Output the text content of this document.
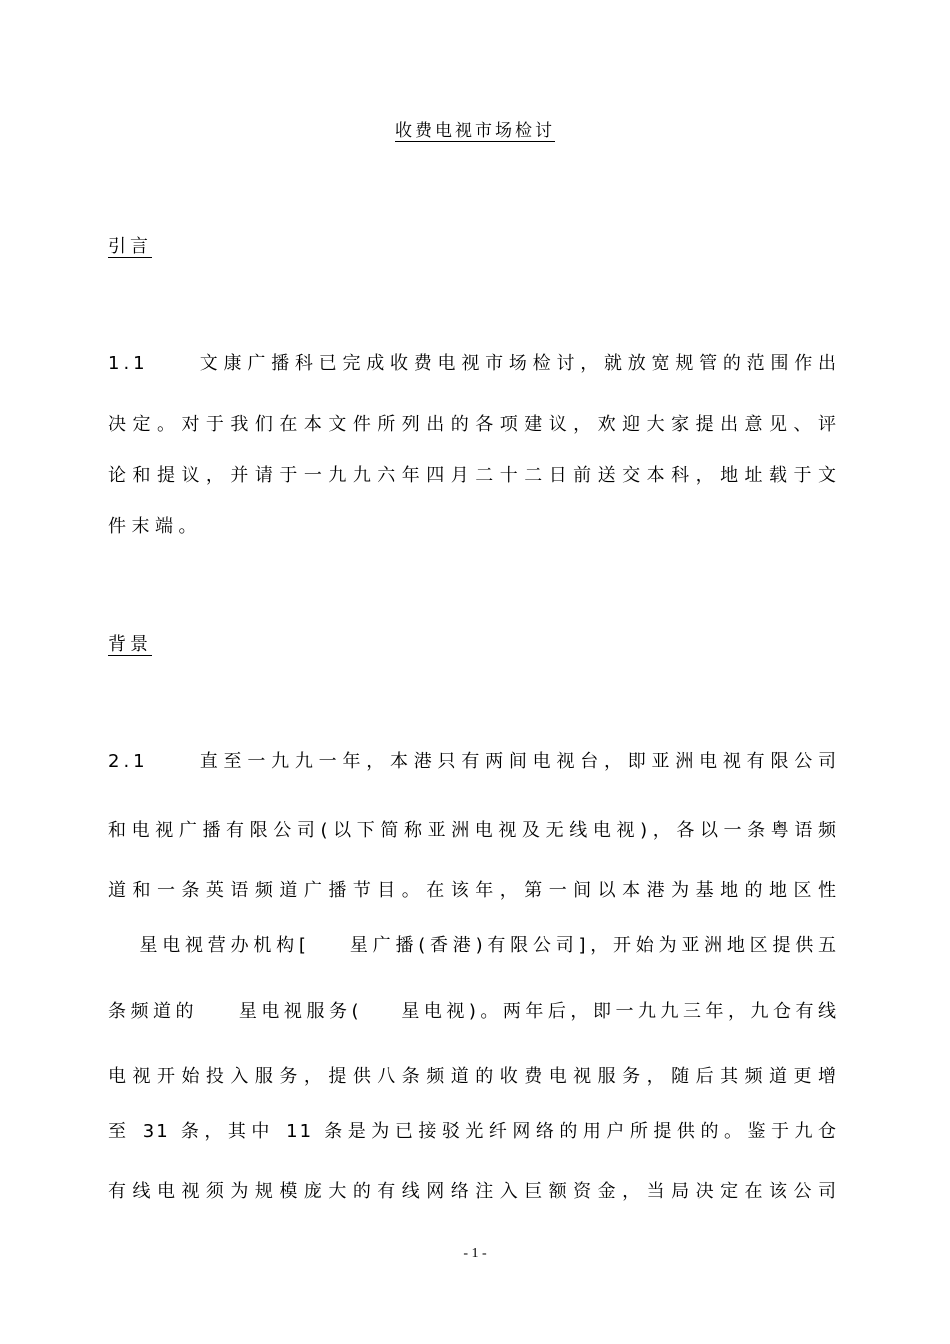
收费电视市场检讨
引言
1.1	文康广播科已完成收费电视市场检讨，就放宽规管的范围作出
决定。对于我们在本文件所列出的各项建议，欢迎大家提出意见、评
论和提议，并请于一九九六年四月二十二日前送交本科，地址载于文
件末端。
背景
2.1	直至一九九一年，本港只有两间电视台，即亚洲电视有限公司
和电视广播有限公司(以下简称亚洲电视及无线电视)，各以一条粤语频
道和一条英语频道广播节目。在该年，第一间以本港为基地的地区性
星电视营办机构[    星广播(香港)有限公司]，开始为亚洲地区提供五
条频道的    星电视服务(    星电视)。两年后，即一九九三年，九仓有线
电视开始投入服务，提供八条频道的收费电视服务，随后其频道更增
至 31 条，其中 11 条是为已接驳光纤网络的用户所提供的。鉴于九仓
有线电视须为规模庞大的有线网络注入巨额资金，当局决定在该公司
- 1 -
